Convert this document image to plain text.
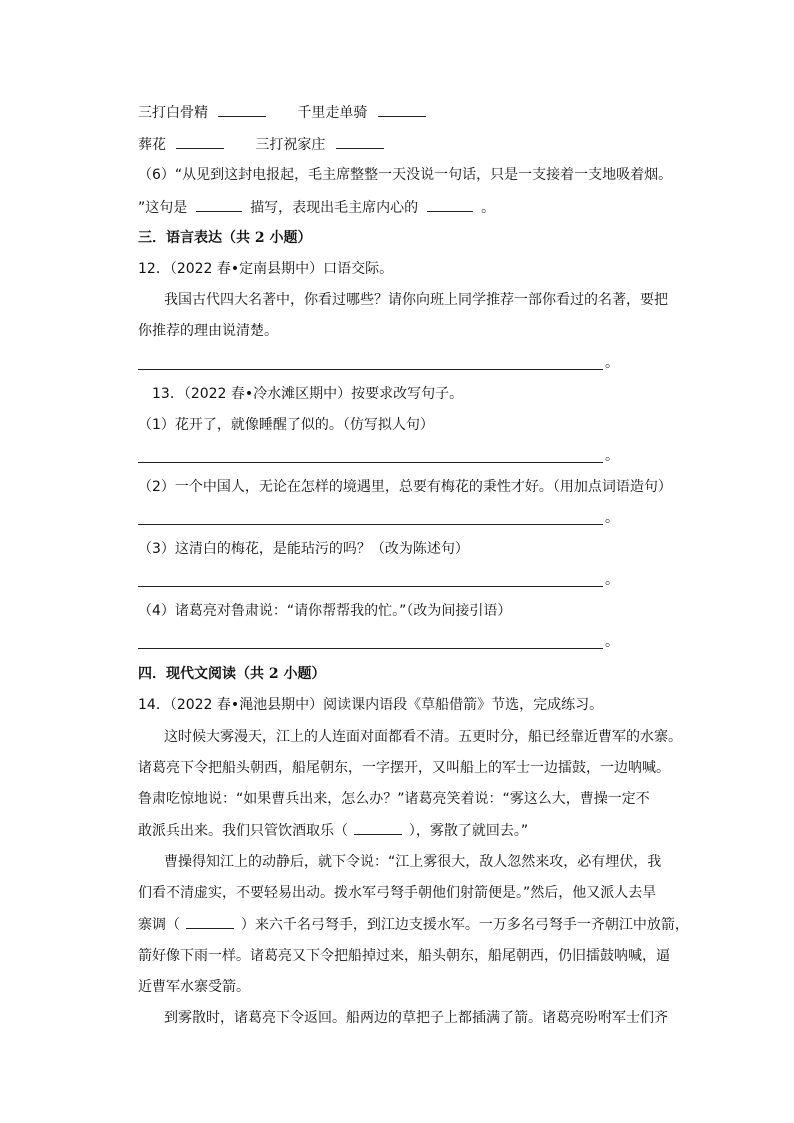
三打白骨精	千里走单骑
葬花	三打祝家庄
（6）“从见到这封电报起，毛主席整整一天没说一句话，只是一支接着一支地吸着烟。
”这句是	描写，表现出毛主席内心的	。
三．语言表达（共 2 小题）
12．（2022 春•定南县期中）口语交际。
我国古代四大名著中，你看过哪些？请你向班上同学推荐一部你看过的名著，要把
你推荐的理由说清楚。
。
13．（2022 春•冷水滩区期中）按要求改写句子。
（1）花开了，就像睡醒了似的。（仿写拟人句）
。
（2）一个中国人，无论在怎样的境遇里，总要有梅花的秉性才好。（用加点词语造句）
。
（3）这清白的梅花，是能玷污的吗？（改为陈述句）
。
（4）诸葛亮对鲁肃说：“请你帮帮我的忙。”（改为间接引语）
。
四．现代文阅读（共 2 小题）
14．（2022 春•渑池县期中）阅读课内语段《草船借箭》节选，完成练习。
这时候大雾漫天，江上的人连面对面都看不清。五更时分，船已经靠近曹军的水寨。
诸葛亮下令把船头朝西，船尾朝东，一字摆开，又叫船上的军士一边擂鼓，一边呐喊。
鲁肃吃惊地说：“如果曹兵出来，怎么办？”诸葛亮笑着说：“雾这么大，曹操一定不
敢派兵出来。我们只管饮酒取乐（	），雾散了就回去。”
曹操得知江上的动静后，就下令说：“江上雾很大，敌人忽然来攻，必有埋伏，我
们看不清虚实，不要轻易出动。拨水军弓弩手朝他们射箭便是。”然后，他又派人去旱
寨调（	）来六千名弓弩手，到江边支援水军。一万多名弓弩手一齐朝江中放箭，
箭好像下雨一样。诸葛亮又下令把船掉过来，船头朝东，船尾朝西，仍旧擂鼓呐喊，逼
近曹军水寨受箭。
到雾散时，诸葛亮下令返回。船两边的草把子上都插满了箭。诸葛亮吩咐军士们齐
